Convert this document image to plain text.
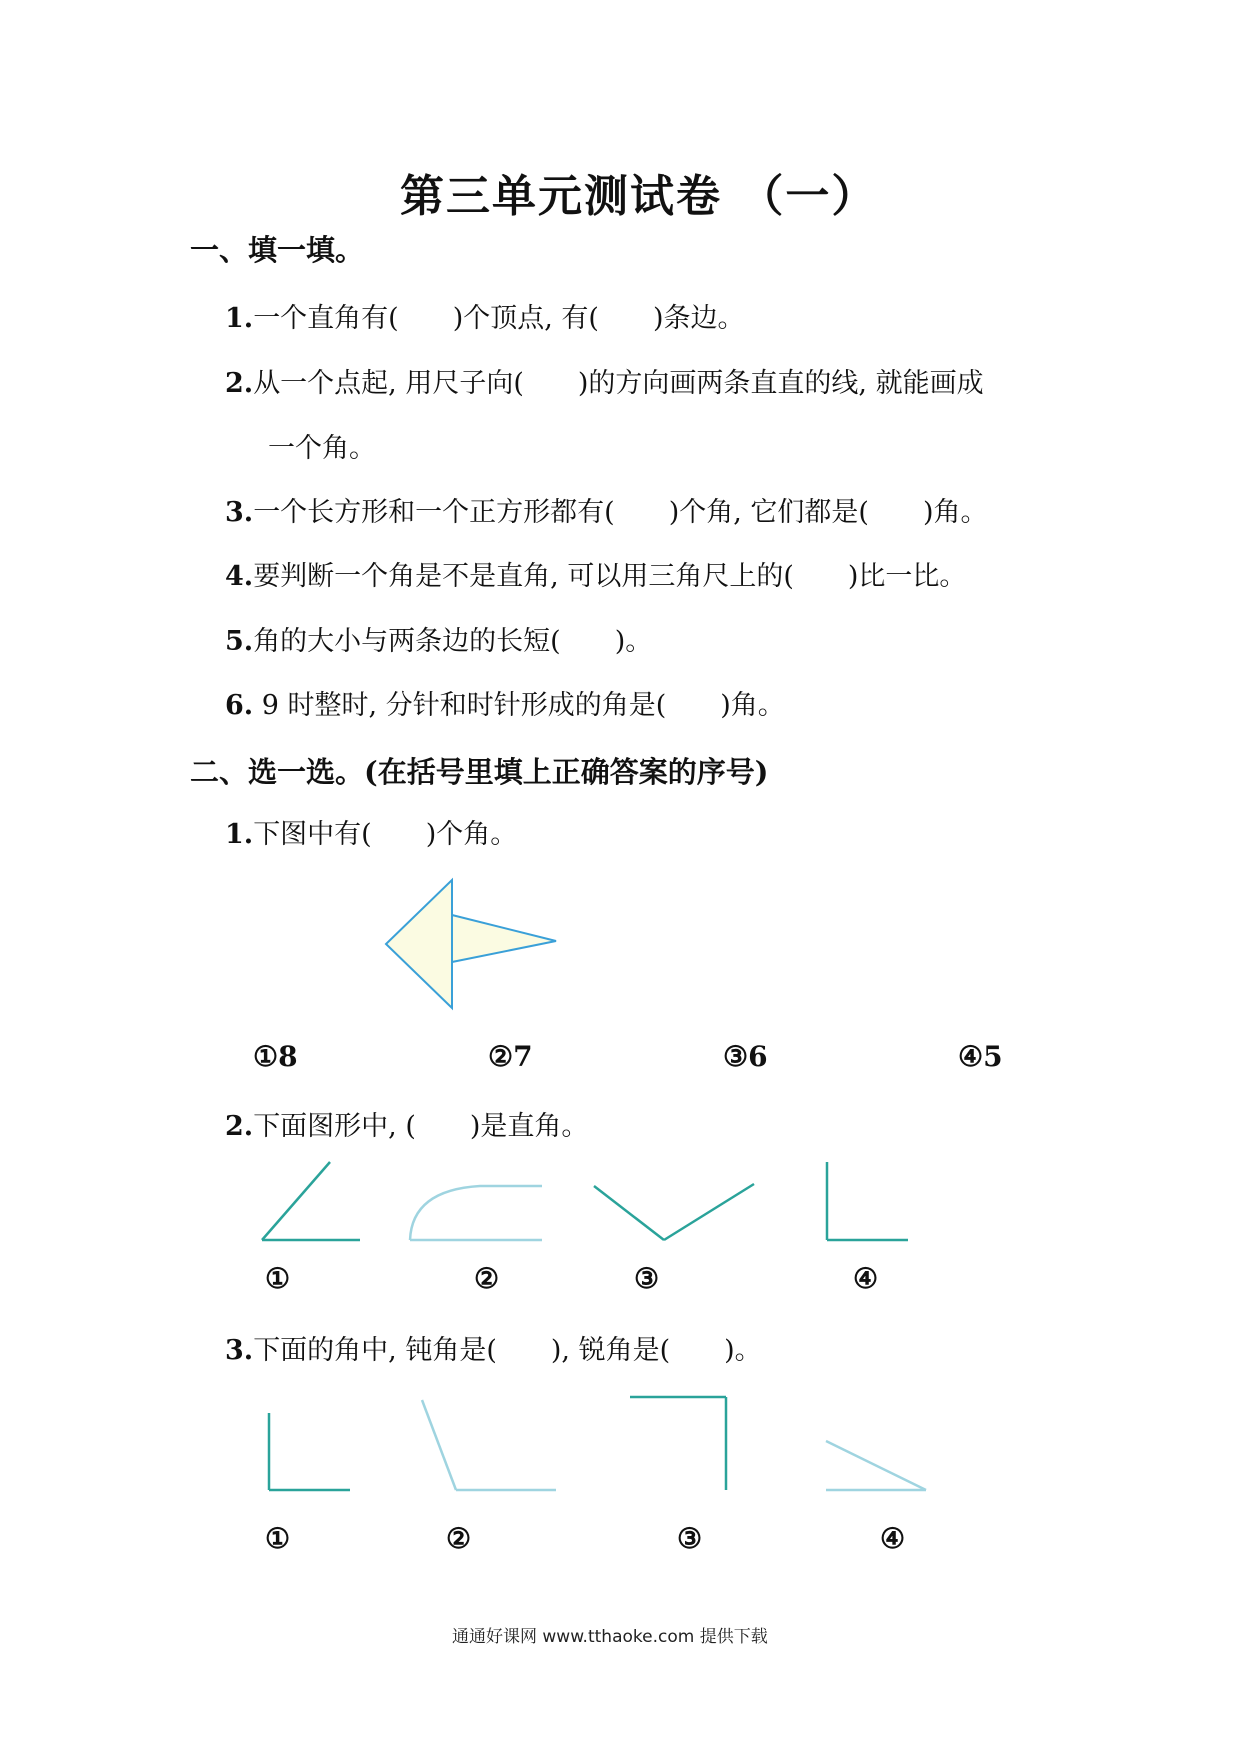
第三单元测试卷 （一）
一、填一填。
1.一个直角有(　　)个顶点, 有(　　)条边。
2.从一个点起, 用尺子向(　　)的方向画两条直直的线, 就能画成
一个角。
3.一个长方形和一个正方形都有(　　)个角, 它们都是(　　)角。
4.要判断一个角是不是直角, 可以用三角尺上的(　　)比一比。
5.角的大小与两条边的长短(　　)。
6. 9 时整时, 分针和时针形成的角是(　　)角。
二、选一选。(在括号里填上正确答案的序号)
1.下图中有(　　)个角。
①8	②7	③6	④5
2.下面图形中, (　　)是直角。
①	②	③	④
3.下面的角中, 钝角是(　　), 锐角是(　　)。
①	②	③	④
通通好课网 www.tthaoke.com 提供下载
